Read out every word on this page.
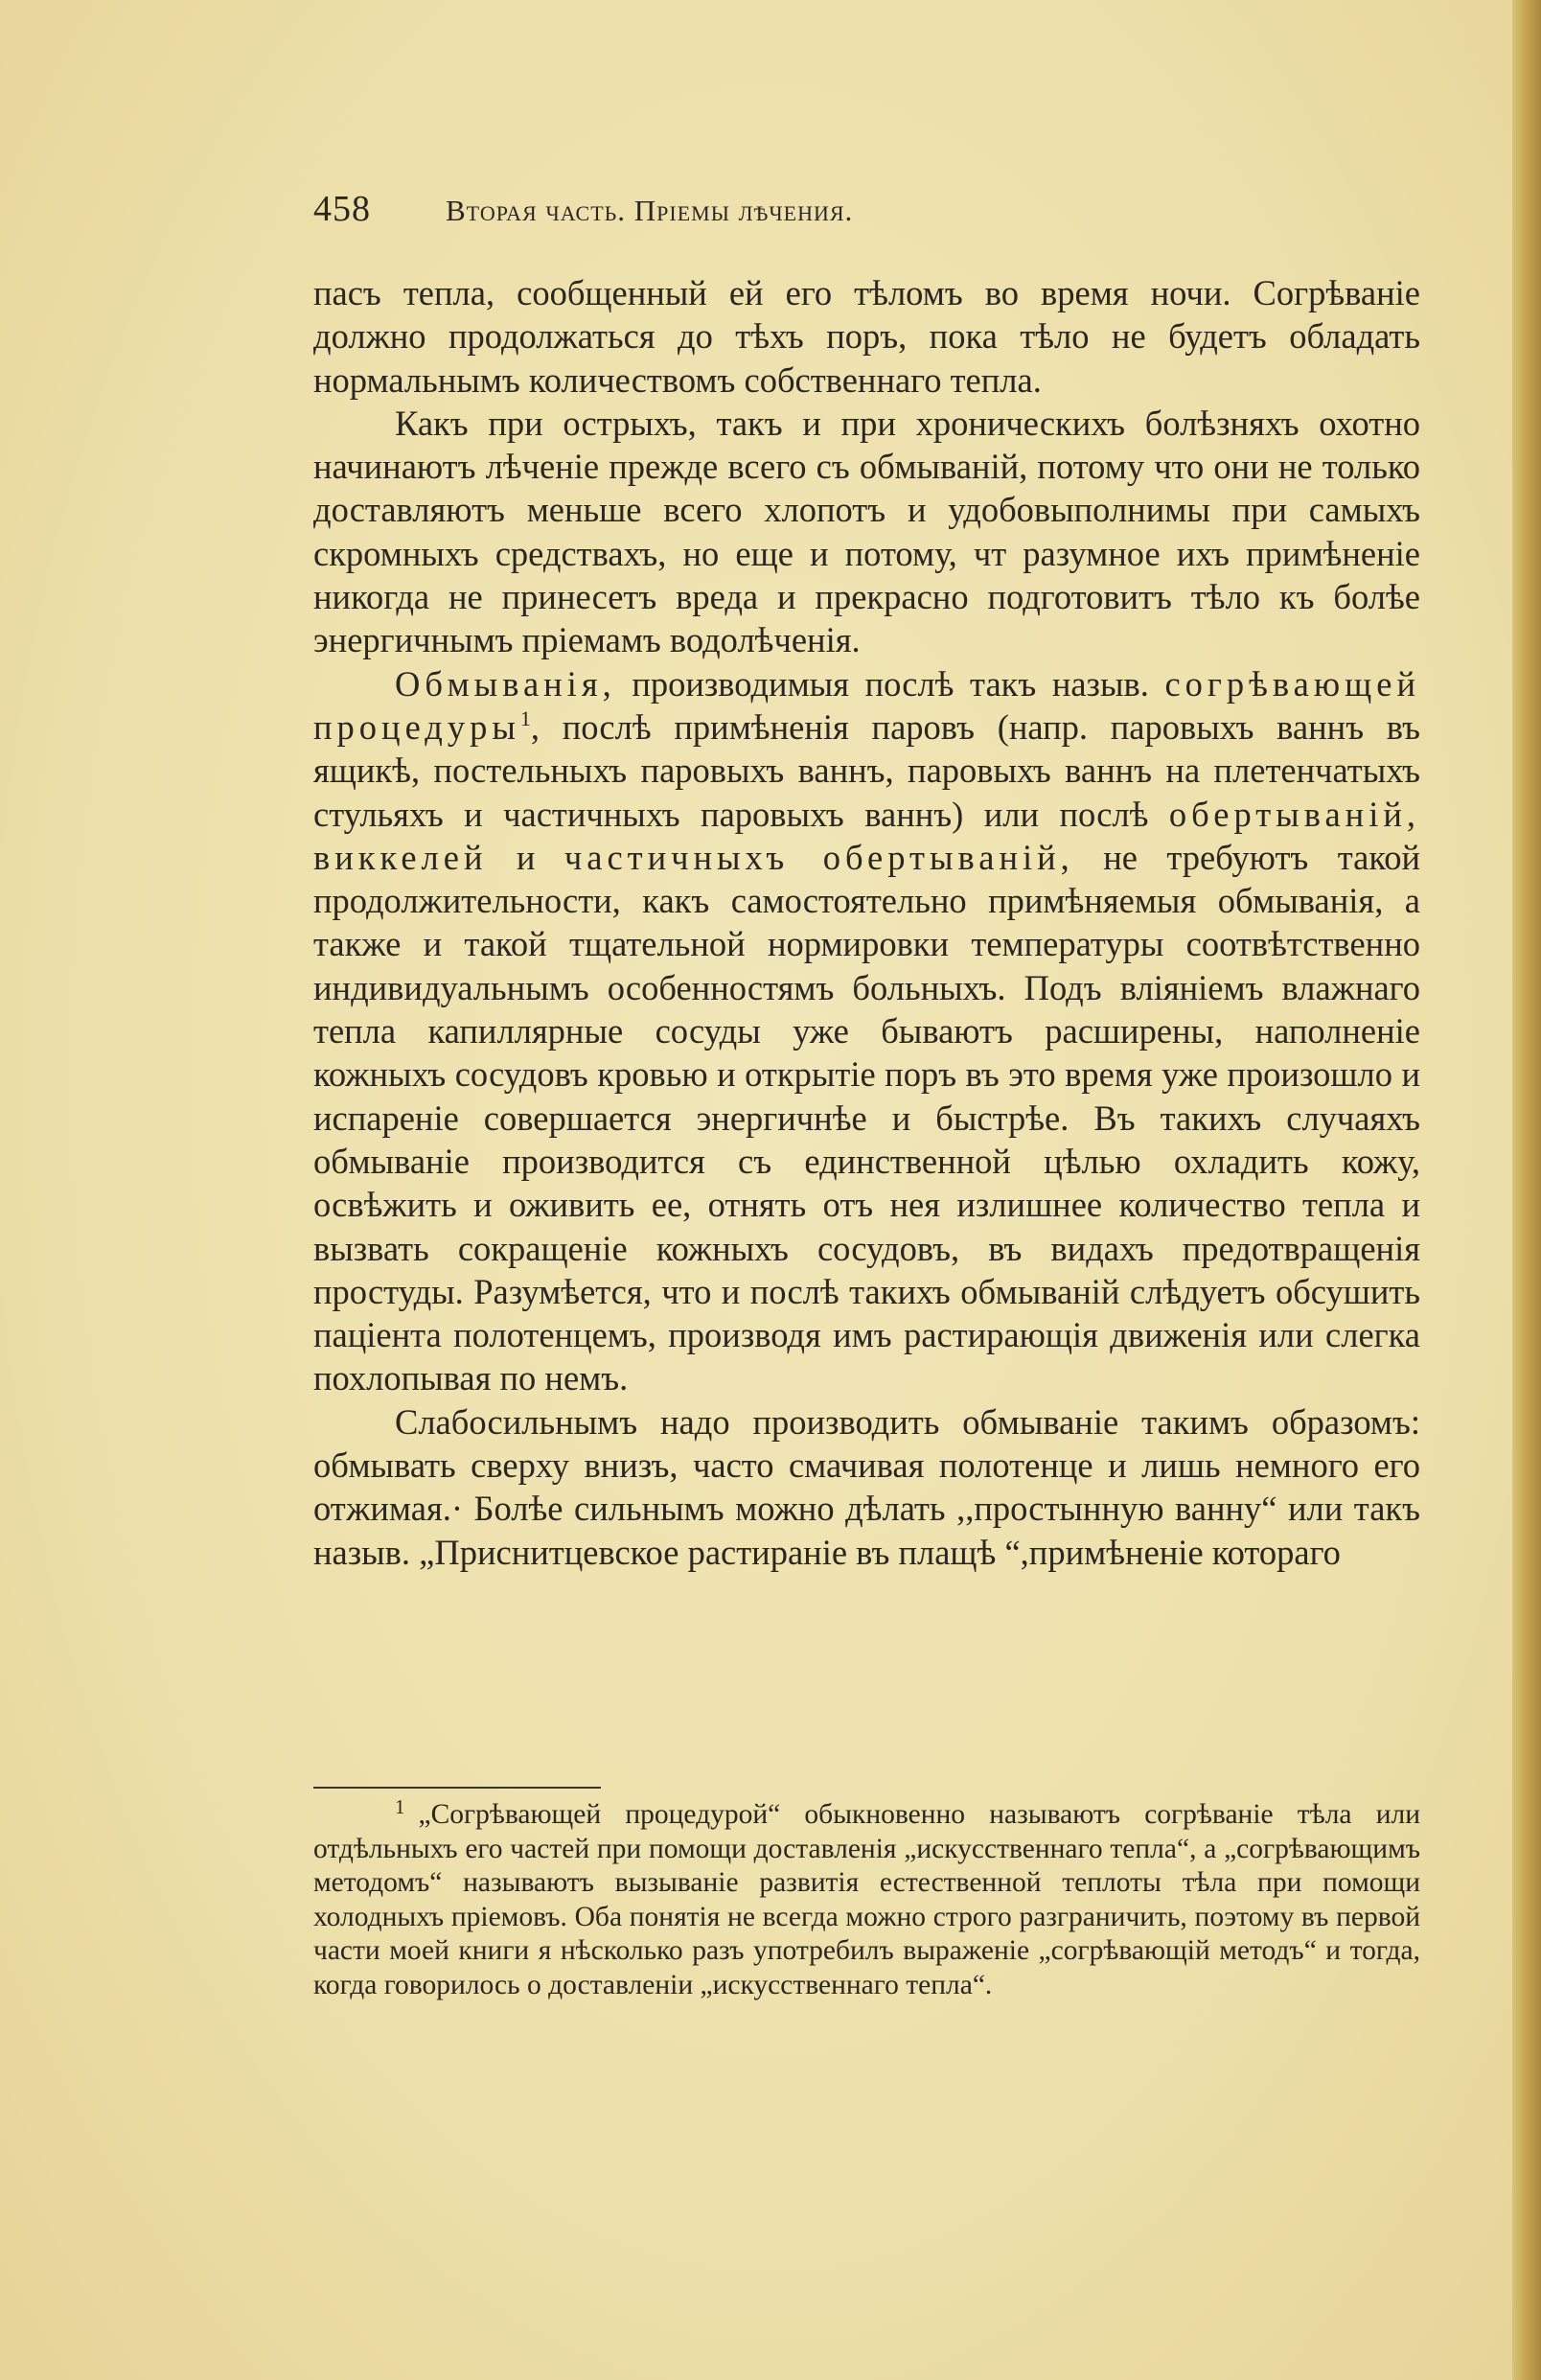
458	Вторая часть. Пріемы лѣчения.

пасъ тепла, сообщенный ей его тѣломъ во время ночи. Согрѣваніе должно продолжаться до тѣхъ поръ, пока тѣло не будетъ обладать нормальнымъ количествомъ собственнаго тепла.

Какъ при острыхъ, такъ и при хроническихъ болѣзняхъ охотно начинаютъ лѣченіе прежде всего съ обмываній, потому что они не только доставляютъ меньше всего хлопотъ и удобовыполнимы при самыхъ скромныхъ средствахъ, но еще и потому, чт разумное ихъ примѣненіе никогда не принесетъ вреда и прекрасно подготовитъ тѣло къ болѣе энергичнымъ пріемамъ водолѣченія.

Обмыванія, производимыя послѣ такъ назыв. согрѣвающей процедуры$^1$, послѣ примѣненія паровъ (напр. паровыхъ ваннъ въ ящикѣ, постельныхъ паровыхъ ваннъ, паровыхъ ваннъ на плетенчатыхъ стульяхъ и частичныхъ паровыхъ ваннъ) или послѣ обертываній, виккелей и частичныхъ обертываній, не требуютъ такой продолжительности, какъ самостоятельно примѣняемыя обмыванія, а также и такой тщательной нормировки температуры соотвѣтственно индивидуальнымъ особенностямъ больныхъ. Подъ вліяніемъ влажнаго тепла капиллярные сосуды уже бываютъ расширены, наполненіе кожныхъ сосудовъ кровью и открытіе поръ въ это время уже произошло и испареніе совершается энергичнѣе и быстрѣе. Въ такихъ случаяхъ обмываніе производится съ единственной цѣлью охладить кожу, освѣжить и оживить ее, отнять отъ нея излишнее количество тепла и вызвать сокращеніе кожныхъ сосудовъ, въ видахъ предотвращенія простуды. Разумѣется, что и послѣ такихъ обмываній слѣдуетъ обсушить паціента полотенцемъ, производя имъ растирающія движенія или слегка похлопывая по немъ.

Слабосильнымъ надо производить обмываніе такимъ образомъ: обмывать сверху внизъ, часто смачивая полотенце и лишь немного его отжимая.· Болѣе сильнымъ можно дѣлать ,,простынную ванну“ или такъ назыв. „Приснитцевское растираніе въ плащѣ “,примѣненіе котораго

$^1$ „Согрѣвающей процедурой“ обыкновенно называютъ согрѣваніе тѣла или отдѣльныхъ его частей при помощи доставленія „искусственнаго тепла“, а „согрѣвающимъ методомъ“ называютъ вызываніе развитія естественной теплоты тѣла при помощи холодныхъ пріемовъ. Оба понятія не всегда можно строго разграничить, поэтому въ первой части моей книги я нѣсколько разъ употребилъ выраженіе „согрѣвающій методъ“ и тогда, когда говорилось о доставленіи „искусственнаго тепла“.
